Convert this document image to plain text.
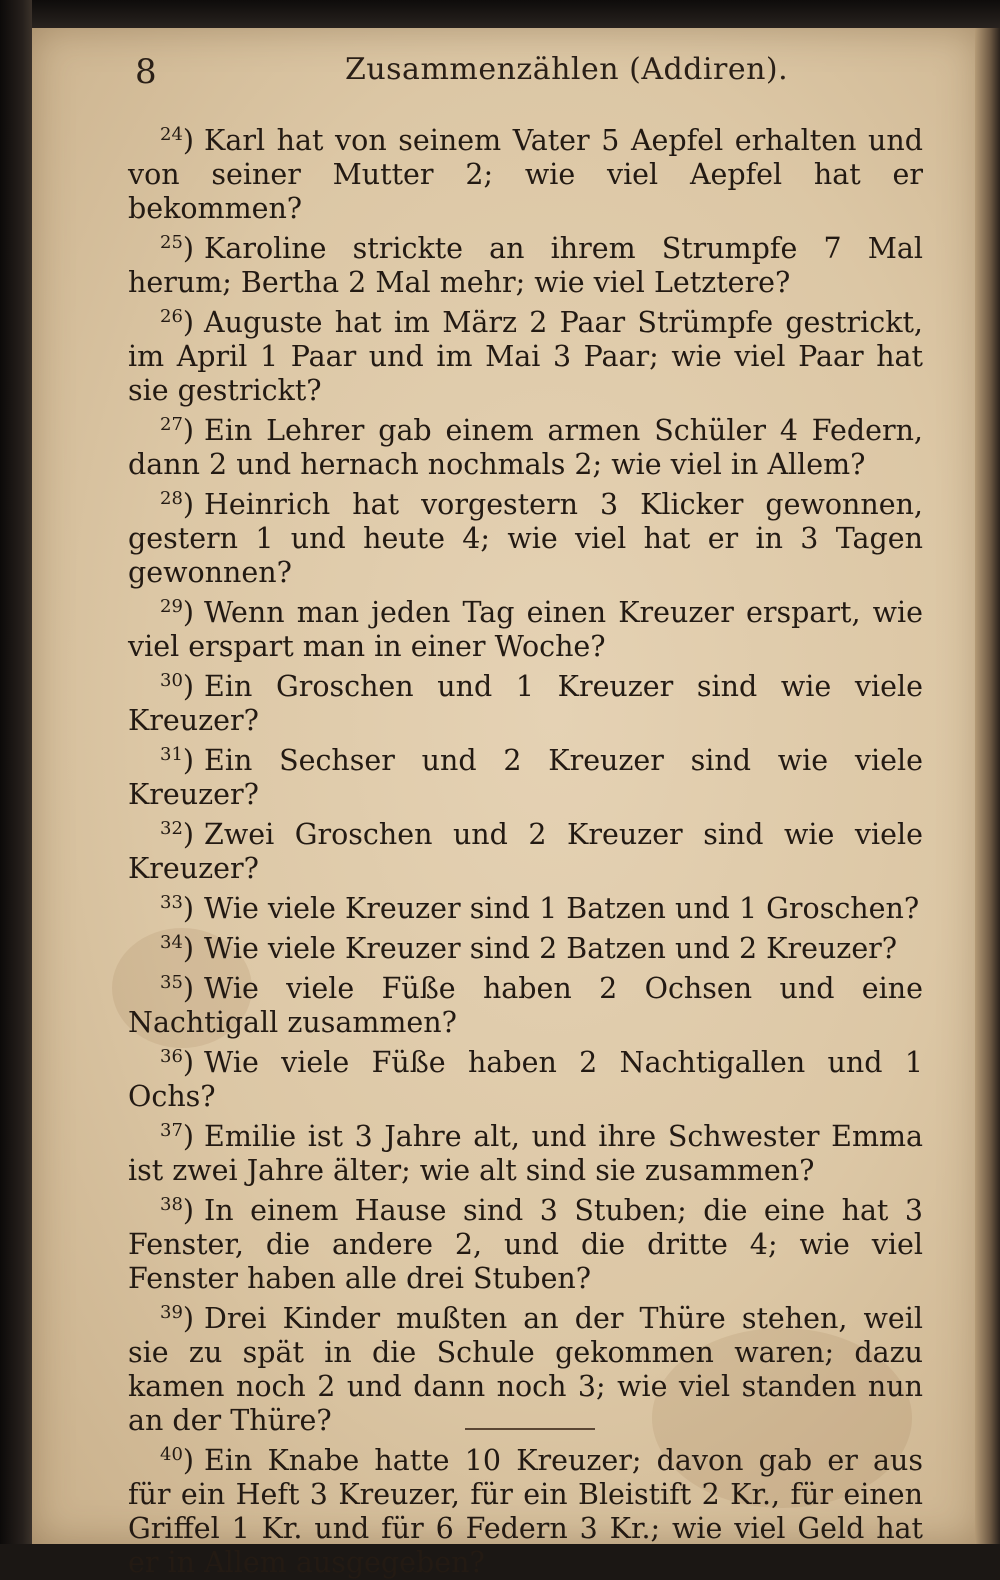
8	Zusammenzählen (Addiren).

$^{24}$) Karl hat von seinem Vater 5 Aepfel erhalten und von seiner Mutter 2; wie viel Aepfel hat er bekommen?

$^{25}$) Karoline strickte an ihrem Strumpfe 7 Mal herum; Bertha 2 Mal mehr; wie viel Letztere?

$^{26}$) Auguste hat im März 2 Paar Strümpfe gestrickt, im April 1 Paar und im Mai 3 Paar; wie viel Paar hat sie gestrickt?

$^{27}$) Ein Lehrer gab einem armen Schüler 4 Federn, dann 2 und hernach nochmals 2; wie viel in Allem?

$^{28}$) Heinrich hat vorgestern 3 Klicker gewonnen, gestern 1 und heute 4; wie viel hat er in 3 Tagen gewonnen?

$^{29}$) Wenn man jeden Tag einen Kreuzer erspart, wie viel erspart man in einer Woche?

$^{30}$) Ein Groschen und 1 Kreuzer sind wie viele Kreuzer?

$^{31}$) Ein Sechser und 2 Kreuzer sind wie viele Kreuzer?

$^{32}$) Zwei Groschen und 2 Kreuzer sind wie viele Kreuzer?

$^{33}$) Wie viele Kreuzer sind 1 Batzen und 1 Groschen?

$^{34}$) Wie viele Kreuzer sind 2 Batzen und 2 Kreuzer?

$^{35}$) Wie viele Füße haben 2 Ochsen und eine Nachtigall zusammen?

$^{36}$) Wie viele Füße haben 2 Nachtigallen und 1 Ochs?

$^{37}$) Emilie ist 3 Jahre alt, und ihre Schwester Emma ist zwei Jahre älter; wie alt sind sie zusammen?

$^{38}$) In einem Hause sind 3 Stuben; die eine hat 3 Fenster, die andere 2, und die dritte 4; wie viel Fenster haben alle drei Stuben?

$^{39}$) Drei Kinder mußten an der Thüre stehen, weil sie zu spät in die Schule gekommen waren; dazu kamen noch 2 und dann noch 3; wie viel standen nun an der Thüre?

$^{40}$) Ein Knabe hatte 10 Kreuzer; davon gab er aus für ein Heft 3 Kreuzer, für ein Bleistift 2 Kr., für einen Griffel 1 Kr. und für 6 Federn 3 Kr.; wie viel Geld hat er in Allem ausgegeben?
